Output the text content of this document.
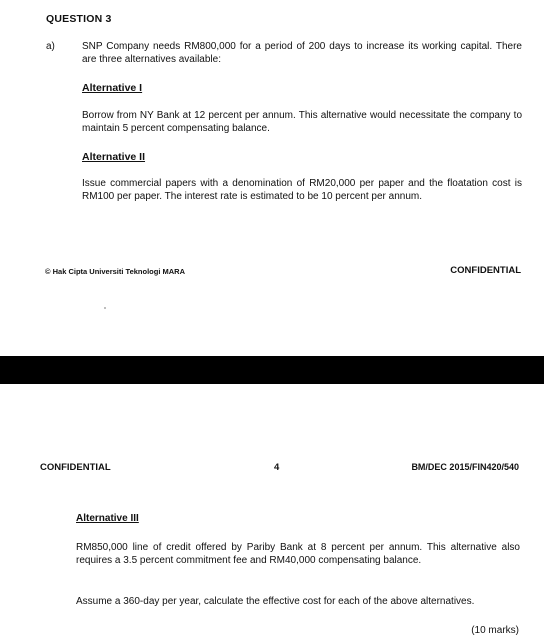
QUESTION 3
a)	SNP Company needs RM800,000 for a period of 200 days to increase its working capital. There are three alternatives available:
Alternative I
Borrow from NY Bank at 12 percent per annum. This alternative would necessitate the company to maintain 5 percent compensating balance.
Alternative II
Issue commercial papers with a denomination of RM20,000 per paper and the floatation cost is RM100 per paper. The interest rate is estimated to be 10 percent per annum.
© Hak Cipta Universiti Teknologi MARA	CONFIDENTIAL
CONFIDENTIAL	4	BM/DEC 2015/FIN420/540
Alternative III
RM850,000 line of credit offered by Pariby Bank at 8 percent per annum. This alternative also requires a 3.5 percent commitment fee and RM40,000 compensating balance.
Assume a 360-day per year, calculate the effective cost for each of the above alternatives.
(10 marks)
